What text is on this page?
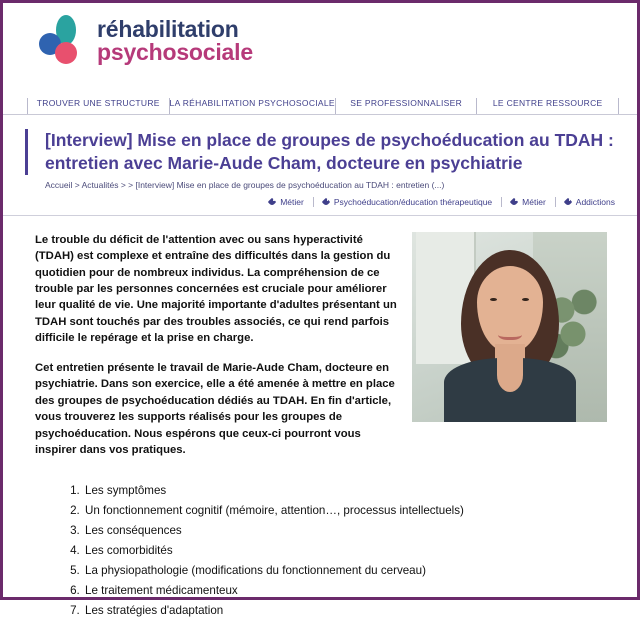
réhabilitation
psychosociale
TROUVER UNE STRUCTURE	LA RÉHABILITATION PSYCHOSOCIALE	SE PROFESSIONNALISER	LE CENTRE RESSOURCE
[Interview] Mise en place de groupes de psychoéducation au TDAH : entretien avec Marie-Aude Cham, docteure en psychiatrie
Accueil > Actualités > > [Interview] Mise en place de groupes de psychoéducation au TDAH : entretien (...)
Métier	Psychoéducation/éducation thérapeutique	Métier	Addictions

Le trouble du déficit de l'attention avec ou sans hyperactivité (TDAH) est complexe et entraîne des difficultés dans la gestion du quotidien pour de nombreux individus. La compréhension de ce trouble par les personnes concernées est cruciale pour améliorer leur qualité de vie. Une majorité importante d'adultes présentant un TDAH sont touchés par des troubles associés, ce qui rend parfois difficile le repérage et la prise en charge.

Cet entretien présente le travail de Marie-Aude Cham, docteure en psychiatrie. Dans son exercice, elle a été amenée à mettre en place des groupes de psychoéducation dédiés au TDAH. En fin d'article, vous trouverez les supports réalisés pour les groupes de psychoéducation. Nous espérons que ceux-ci pourront vous inspirer dans vos pratiques.

1. Les symptômes
2. Un fonctionnement cognitif (mémoire, attention…, processus intellectuels)
3. Les conséquences
4. Les comorbidités
5. La physiopathologie (modifications du fonctionnement du cerveau)
6. Le traitement médicamenteux
7. Les stratégies d'adaptation
